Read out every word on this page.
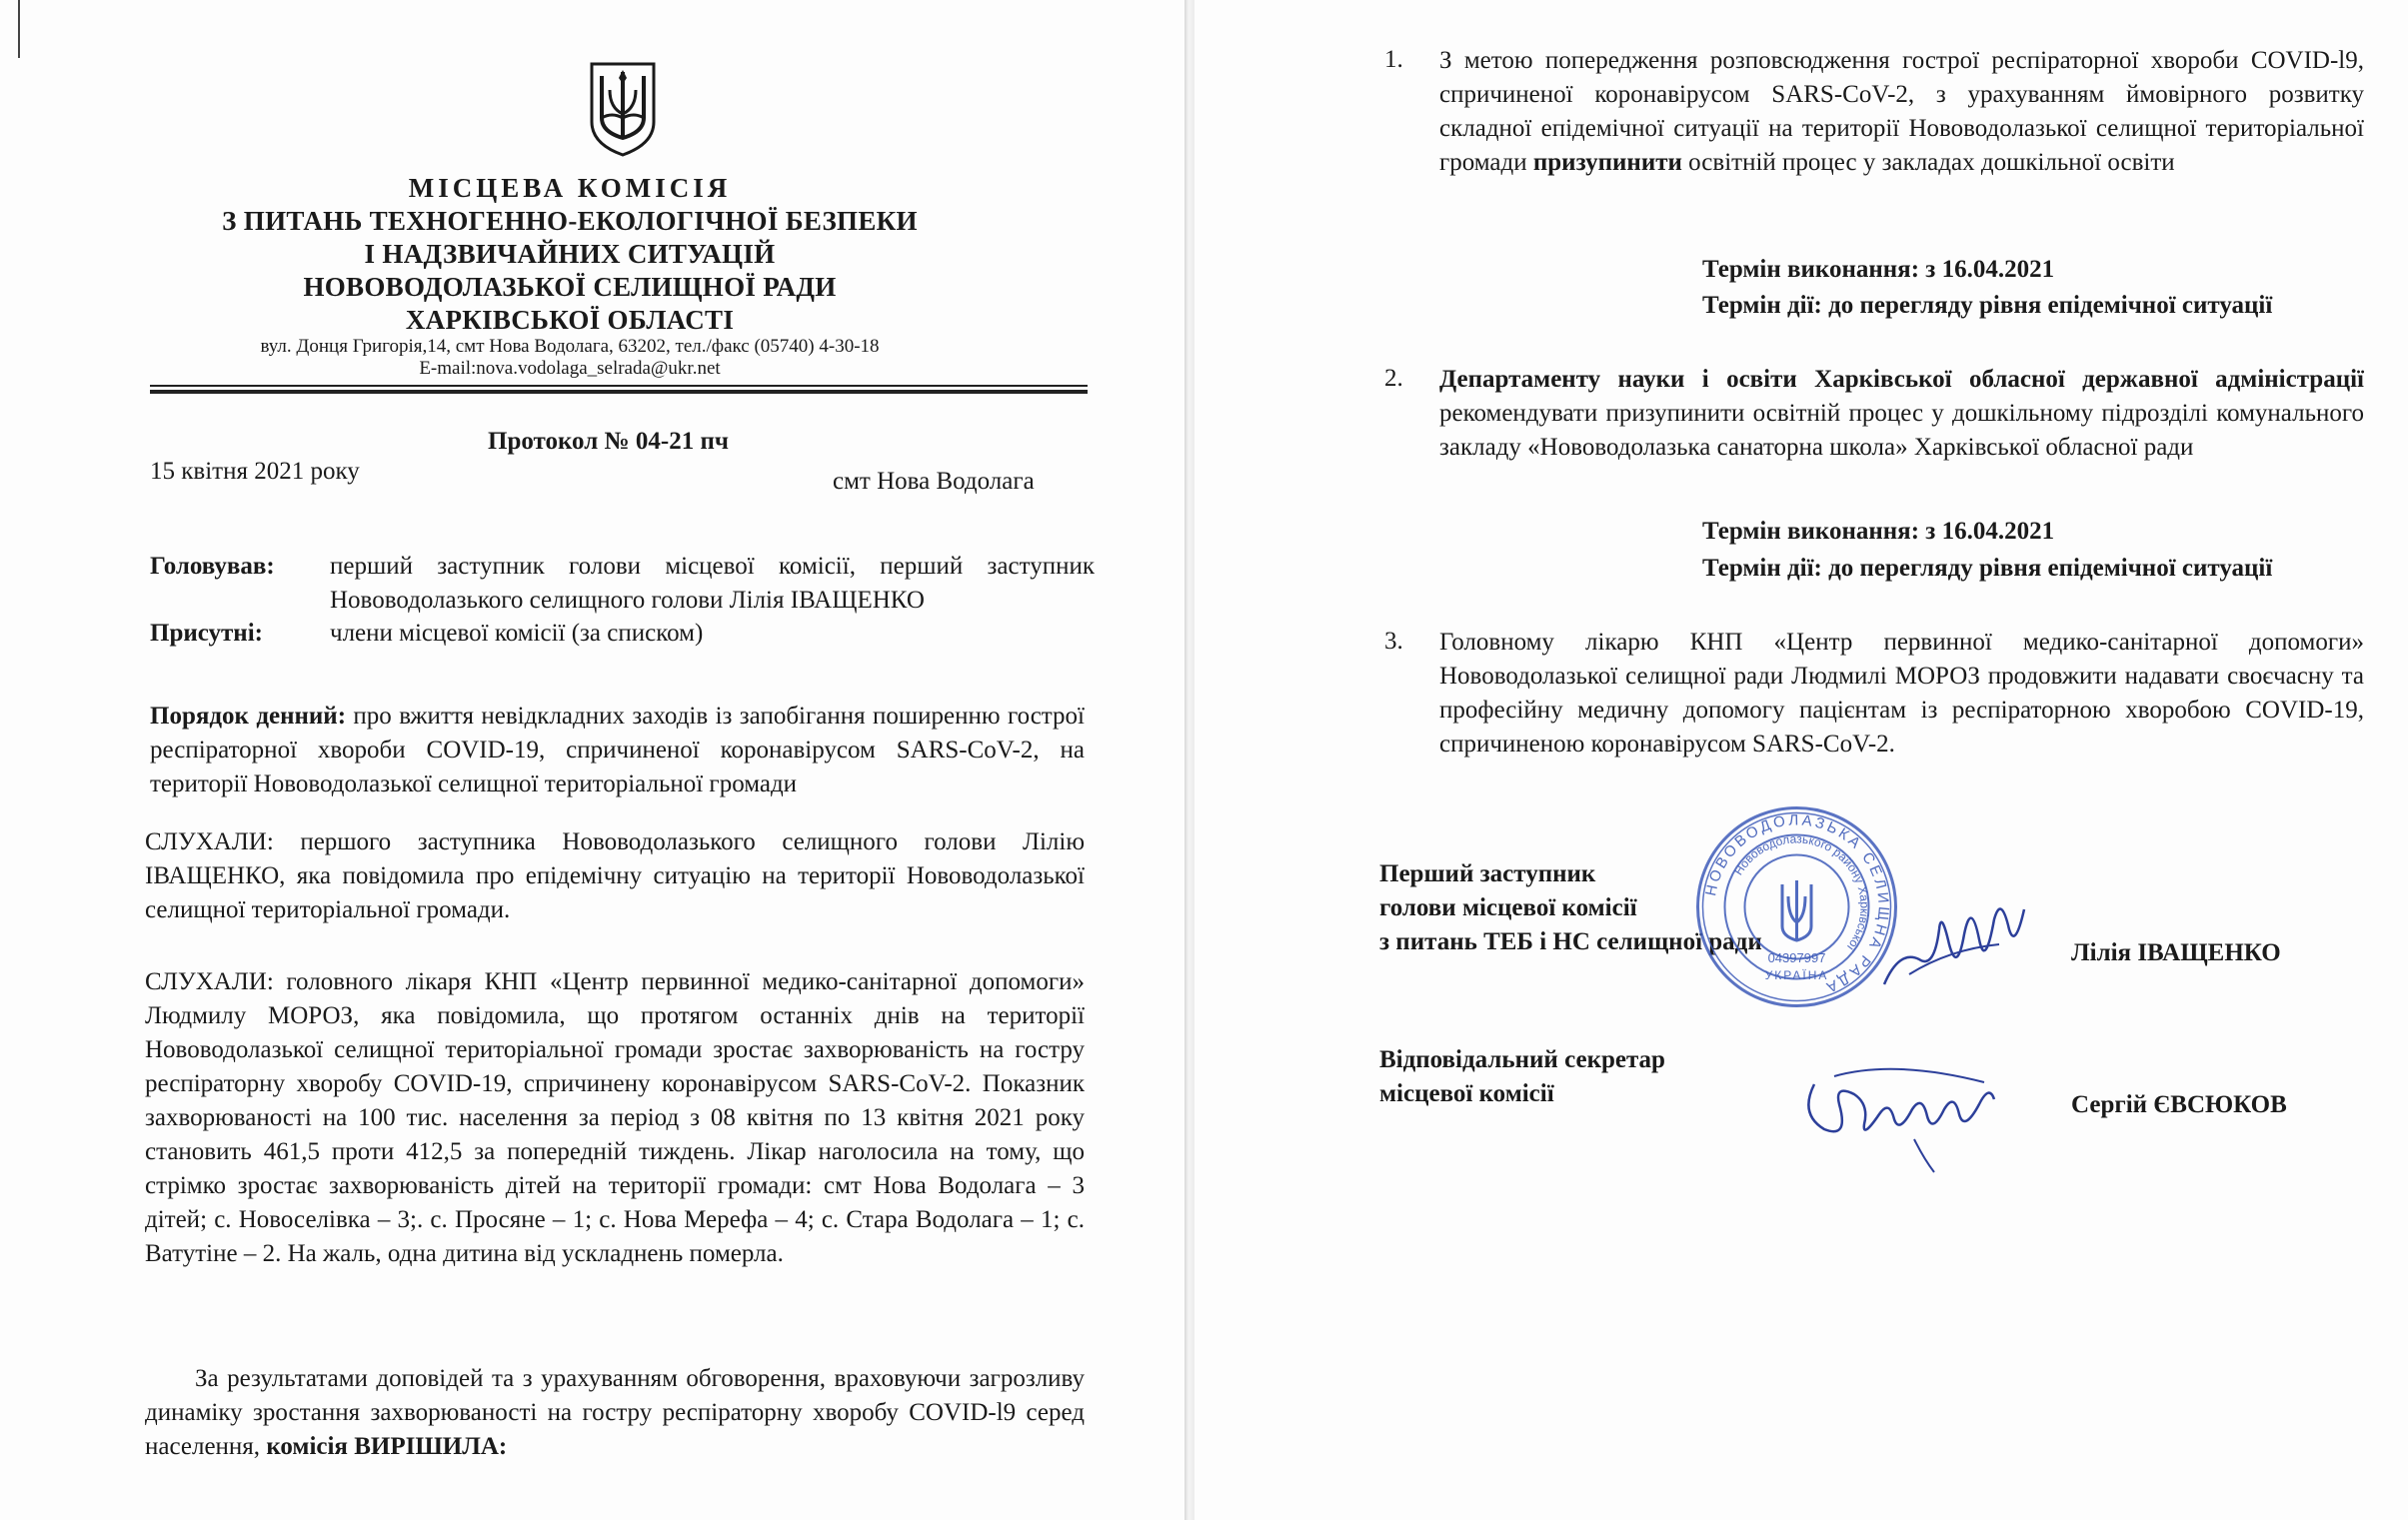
МІСЦЕВА КОМІСІЯ
З ПИТАНЬ ТЕХНОГЕННО-ЕКОЛОГІЧНОЇ БЕЗПЕКИ
І НАДЗВИЧАЙНИХ СИТУАЦІЙ
НОВОВОДОЛАЗЬКОЇ СЕЛИЩНОЇ РАДИ
ХАРКІВСЬКОЇ ОБЛАСТІ
вул. Донця Григорія,14, смт Нова Водолага, 63202, тел./факс (05740) 4-30-18
E-mail:nova.vodolaga_selrada@ukr.net
Протокол № 04-21 пч
15 квітня 2021 року	смт Нова Водолага
Головував: перший заступник голови місцевої комісії, перший заступник Нововодолазького селищного голови Лілія ІВАЩЕНКО
Присутні:	члени місцевої комісії (за списком)
Порядок денний: про вжиття невідкладних заходів із запобігання поширенню гострої респіраторної хвороби COVID-19, спричиненої коронавірусом SARS-CoV-2, на території Нововодолазької селищної територіальної громади
СЛУХАЛИ: першого заступника Нововодолазького селищного голови Лілію ІВАЩЕНКО, яка повідомила про епідемічну ситуацію на території Нововодолазької селищної територіальної громади.
СЛУХАЛИ: головного лікаря КНП «Центр первинної медико-санітарної допомоги» Людмилу МОРОЗ, яка повідомила, що протягом останніх днів на території Нововодолазької селищної територіальної громади зростає захворюваність на гостру респіраторну хворобу COVID-19, спричинену коронавірусом SARS-CoV-2. Показник захворюваності на 100 тис. населення за період з 08 квітня по 13 квітня 2021 року становить 461,5 проти 412,5 за попередній тиждень. Лікар наголосила на тому, що стрімко зростає захворюваність дітей на території громади: смт Нова Водолага – 3 дітей; с. Новоселівка – 3;. с. Просяне – 1; с. Нова Мерефа – 4; с. Стара Водолага – 1; с. Ватутіне – 2. На жаль, одна дитина від ускладнень померла.
За результатами доповідей та з урахуванням обговорення, враховуючи загрозливу динаміку зростання захворюваності на гостру респіраторну хворобу COVID-l9 серед населення, комісія ВИРІШИЛА:
1. З метою попередження розповсюдження гострої респіраторної хвороби COVID-l9, спричиненої коронавірусом SARS-CoV-2, з урахуванням ймовірного розвитку складної епідемічної ситуації на території Нововодолазької селищної територіальної громади призупинити освітній процес у закладах дошкільної освіти
Термін виконання: з 16.04.2021
Термін дії: до перегляду рівня епідемічної ситуації
2. Департаменту науки і освіти Харківської обласної державної адміністрації рекомендувати призупинити освітній процес у дошкільному підрозділі комунального закладу «Нововодолазька санаторна школа» Харківської обласної ради
Термін виконання: з 16.04.2021
Термін дії: до перегляду рівня епідемічної ситуації
3. Головному лікарю КНП «Центр первинної медико-санітарної допомоги» Нововодолазької селищної ради Людмилі МОРОЗ продовжити надавати своєчасну та професійну медичну допомогу пацієнтам із респіраторною хворобою COVID-19, спричиненою коронавірусом SARS-CoV-2.
Перший заступник
голови місцевої комісії
з питань ТЕБ і НС селищної ради	Лілія ІВАЩЕНКО
Відповідальний секретар
місцевої комісії	Сергій ЄВСЮКОВ
НОВОВОДОЛАЗЬКА СЕЛИЩНА РАДА
Нововодолазького району Харківської
04397997
УКРАЇНА
